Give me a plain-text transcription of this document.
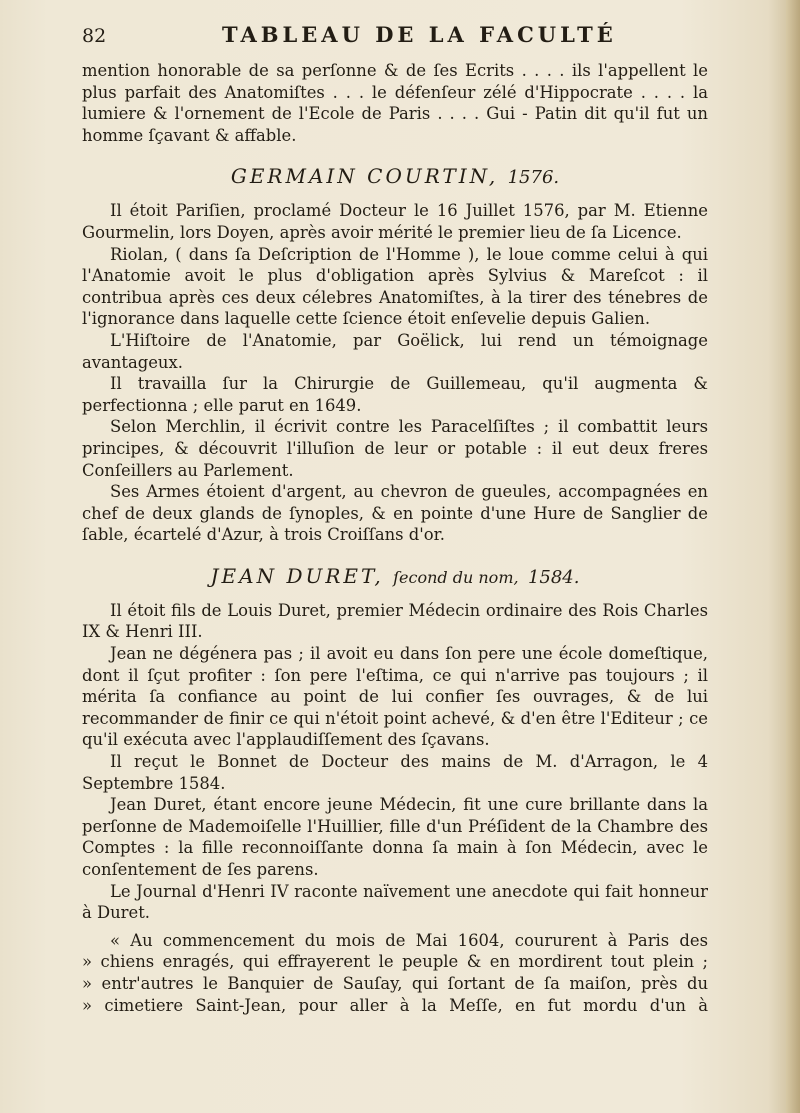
82	TABLEAU DE LA FACULTÉ

mention honorable de sa perſonne & de ſes Ecrits . . . . ils l'appellent le plus parfait des Anatomiſtes . . . le défenſeur zélé d'Hippocrate . . . . la lumiere & l'ornement de l'Ecole de Paris . . . . Gui - Patin dit qu'il fut un homme ſçavant & affable.

GERMAIN COURTIN, 1576.

Il étoit Pariſien, proclamé Docteur le 16 Juillet 1576, par M. Etienne Gourmelin, lors Doyen, après avoir mérité le premier lieu de ſa Licence.

Riolan, ( dans ſa Deſcription de l'Homme ), le loue comme celui à qui l'Anatomie avoit le plus d'obligation après Sylvius & Mareſcot : il contribua après ces deux célebres Anatomiſtes, à la tirer des ténebres de l'ignorance dans laquelle cette ſcience étoit enſevelie depuis Galien.

L'Hiſtoire de l'Anatomie, par Goëlick, lui rend un témoignage avantageux.

Il travailla ſur la Chirurgie de Guillemeau, qu'il augmenta & perfectionna ; elle parut en 1649.

Selon Merchlin, il écrivit contre les Paracelſiſtes ; il combattit leurs principes, & découvrit l'illuſion de leur or potable : il eut deux freres Conſeillers au Parlement.

Ses Armes étoient d'argent, au chevron de gueules, accompagnées en chef de deux glands de ſynoples, & en pointe d'une Hure de Sanglier de ſable, écartelé d'Azur, à trois Croiſſans d'or.

JEAN DURET, ſecond du nom, 1584.

Il étoit fils de Louis Duret, premier Médecin ordinaire des Rois Charles IX & Henri III.

Jean ne dégénera pas ; il avoit eu dans ſon pere une école domeſtique, dont il ſçut profiter : ſon pere l'eſtima, ce qui n'arrive pas toujours ; il mérita ſa confiance au point de lui confier ſes ouvrages, & de lui recommander de finir ce qui n'étoit point achevé, & d'en être l'Editeur ; ce qu'il exécuta avec l'applaudiſſement des ſçavans.

Il reçut le Bonnet de Docteur des mains de M. d'Arragon, le 4 Septembre 1584.

Jean Duret, étant encore jeune Médecin, fit une cure brillante dans la perſonne de Mademoiſelle l'Huillier, fille d'un Préſident de la Chambre des Comptes : la fille reconnoiſſante donna ſa main à ſon Médecin, avec le conſentement de ſes parens.

Le Journal d'Henri IV raconte naïvement une anecdote qui fait honneur à Duret.

« Au commencement du mois de Mai 1604, coururent à Paris des
» chiens enragés, qui effrayerent le peuple & en mordirent tout plein ;
» entr'autres le Banquier de Sauſay, qui ſortant de ſa maiſon, près du
» cimetiere Saint-Jean, pour aller à la Meſſe, en fut mordu d'un à
